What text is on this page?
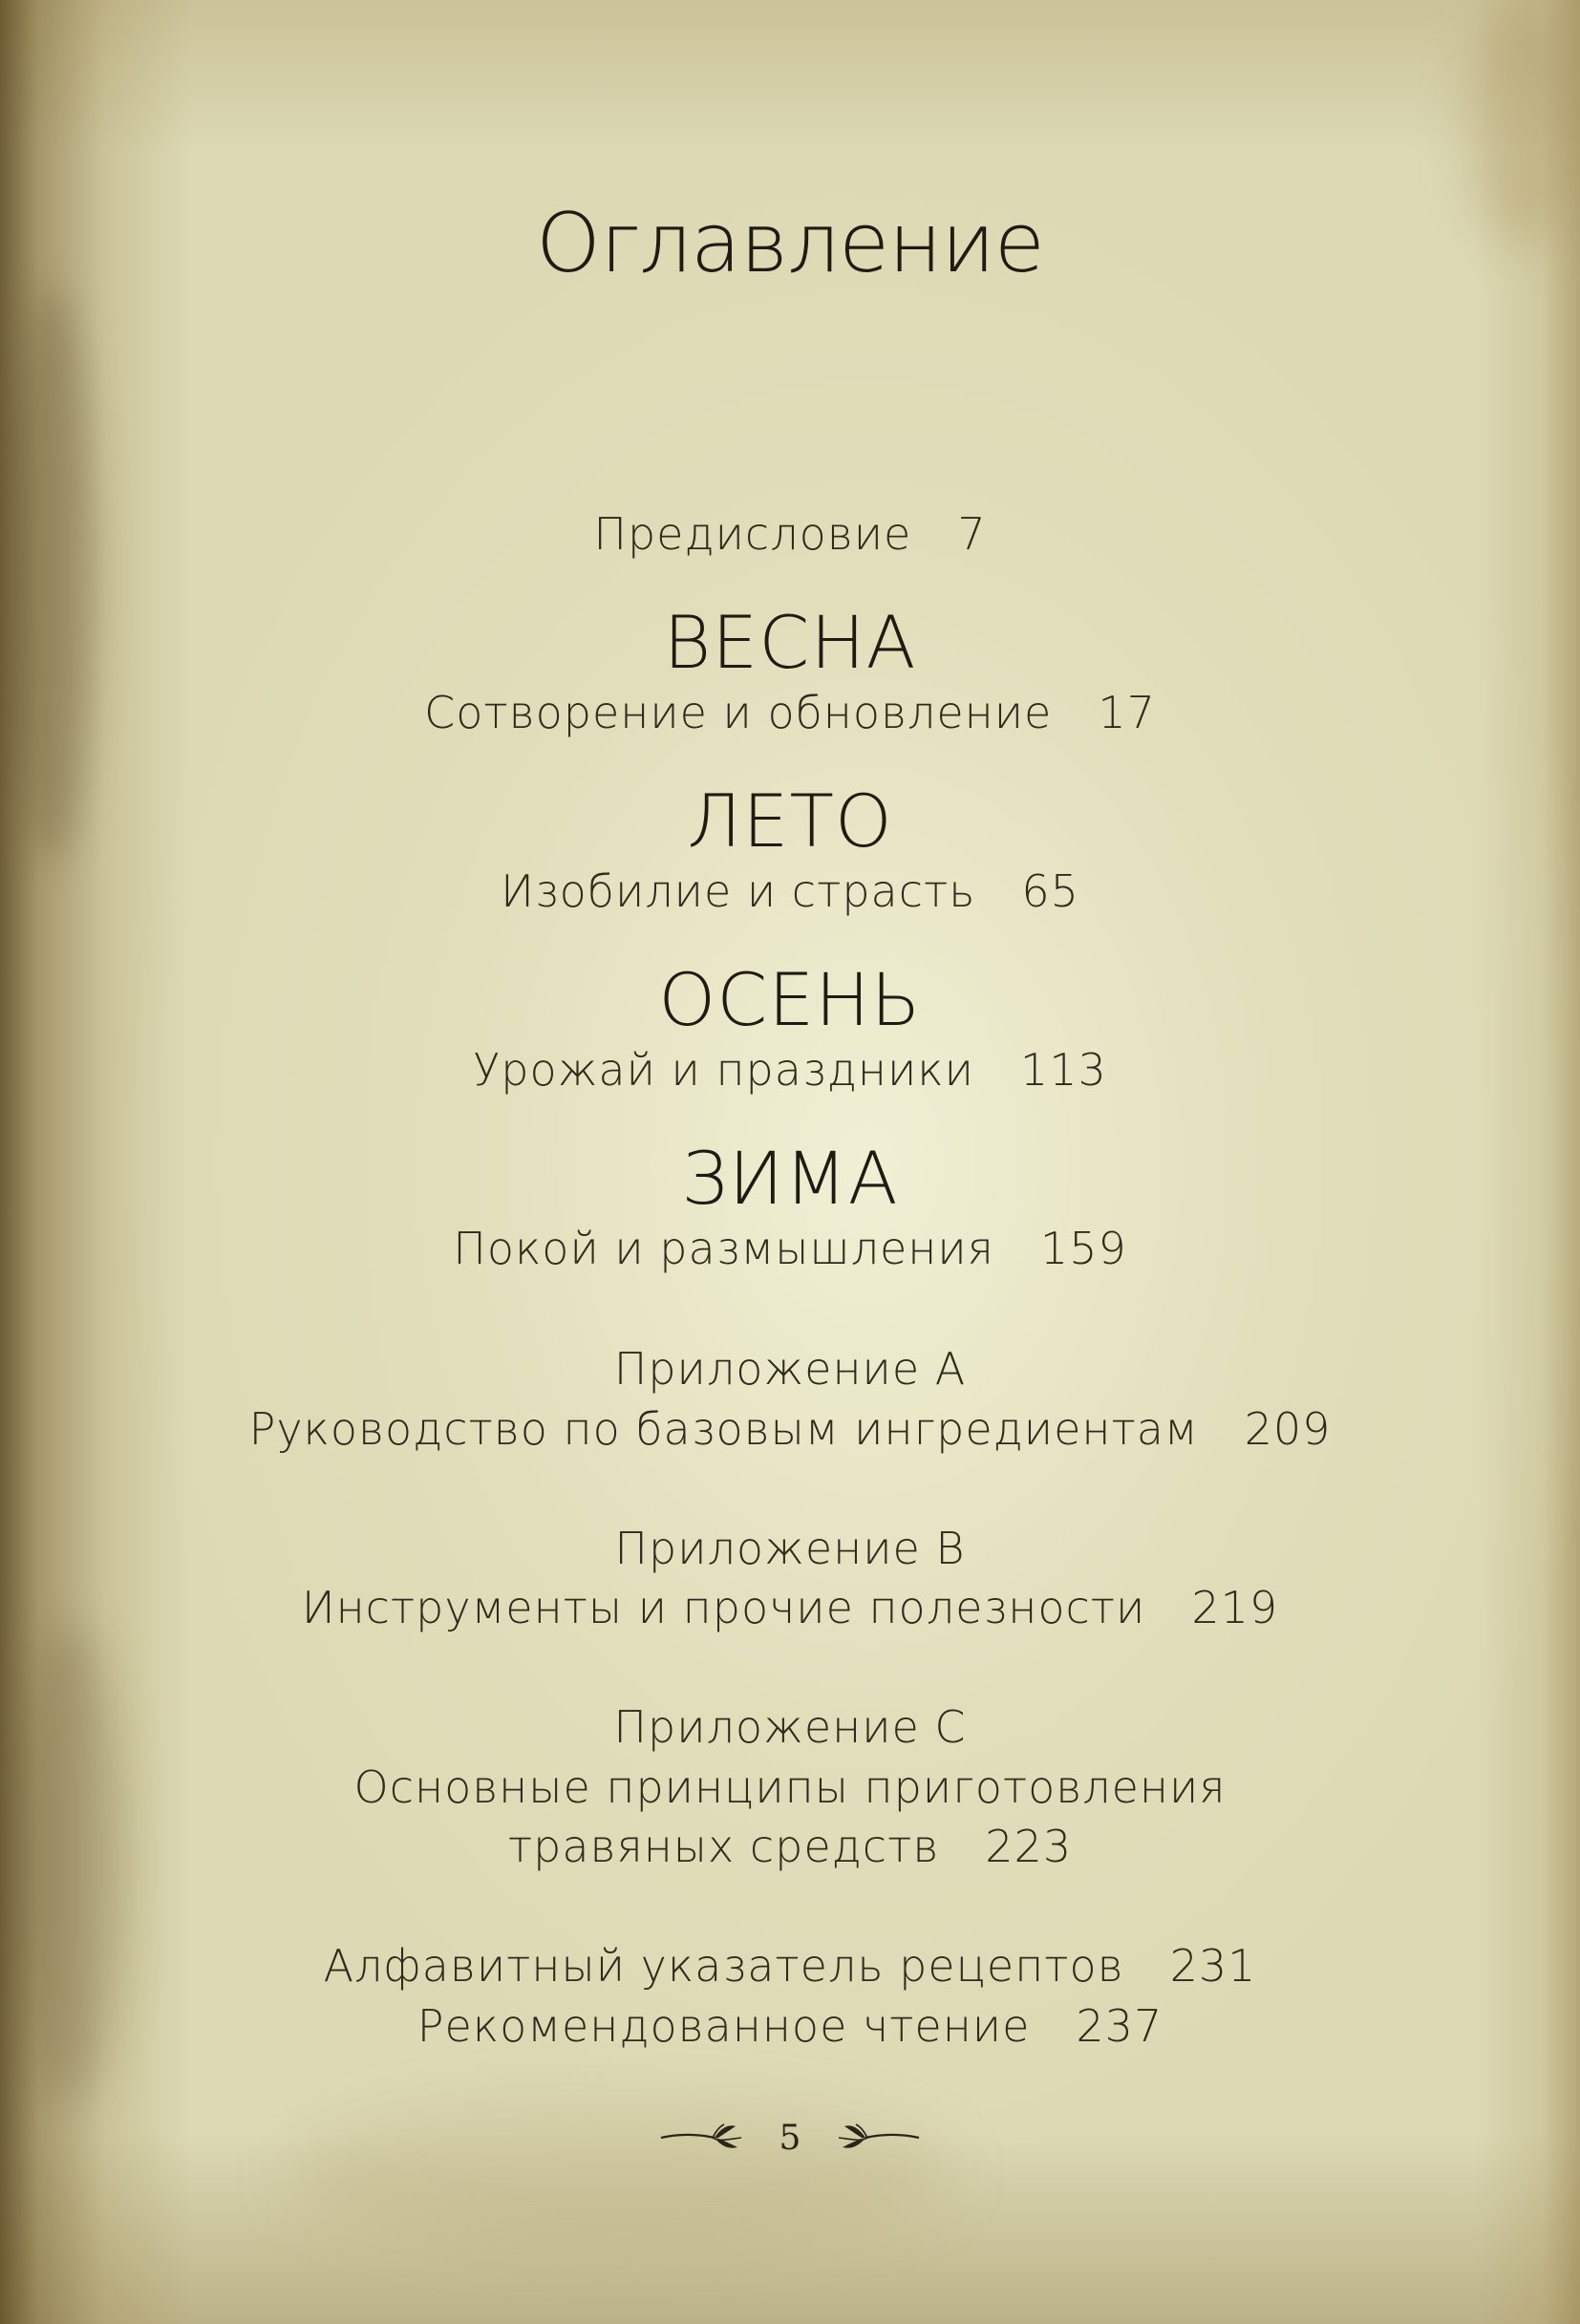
Оглавление
Предисловие 7
ВЕСНА
Сотворение и обновление 17
ЛЕТО
Изобилие и страсть 65
ОСЕНЬ
Урожай и праздники 113
ЗИМА
Покой и размышления 159
Приложение А
Руководство по базовым ингредиентам 209
Приложение В
Инструменты и прочие полезности 219
Приложение С
Основные принципы приготовления
травяных средств 223
Алфавитный указатель рецептов 231
Рекомендованное чтение 237
5
